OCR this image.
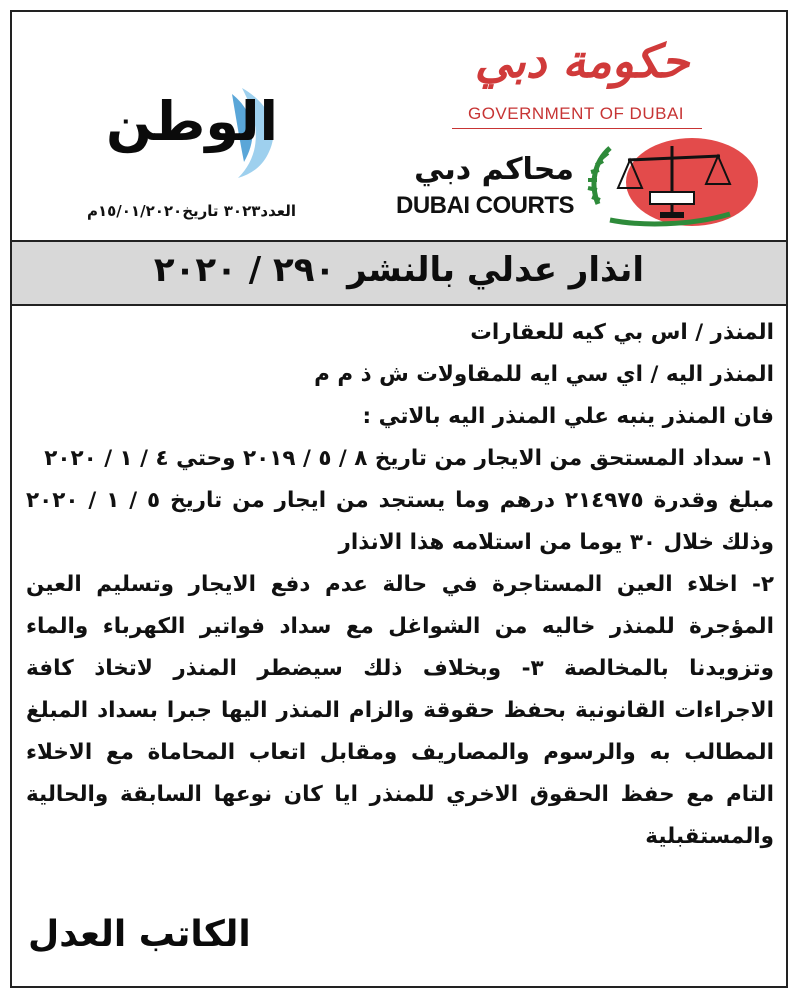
حكومة دبي
GOVERNMENT OF DUBAI
محاكم دبي
DUBAI COURTS
الوطن
العدد٣٠٢٣ تاريخ١٥/٠١/٢٠٢٠م
انذار عدلي بالنشر ٢٩٠ / ٢٠٢٠

المنذر / اس بي كيه للعقارات

المنذر اليه / اي سي ايه للمقاولات ش ذ م م

فان المنذر ينبه علي المنذر اليه بالاتي :

١- سداد المستحق من الايجار من تاريخ ٨ / ٥ / ٢٠١٩ وحتي ٤ / ١ / ٢٠٢٠

مبلغ وقدرة ٢١٤٩٧٥ درهم وما يستجد من ايجار من تاريخ ٥ / ١ / ٢٠٢٠ وذلك خلال ٣٠ يوما من استلامه هذا الانذار

٢- اخلاء العين المستاجرة في حالة عدم دفع الايجار وتسليم العين المؤجرة للمنذر خاليه من الشواغل مع سداد فواتير الكهرباء والماء وتزويدنا بالمخالصة ٣- وبخلاف ذلك سيضطر المنذر لاتخاذ كافة الاجراءات القانونية بحفظ حقوقة والزام المنذر اليها جبرا بسداد المبلغ المطالب به والرسوم والمصاريف ومقابل اتعاب المحاماة مع الاخلاء التام مع حفظ الحقوق الاخري للمنذر ايا كان نوعها السابقة والحالية والمستقبلية

الكاتب العدل
